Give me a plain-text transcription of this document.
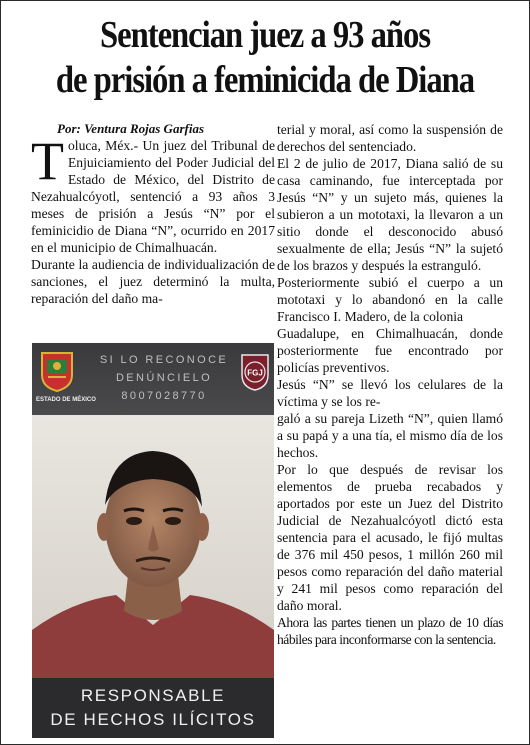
Sentencian juez a 93 años
de prisión a feminicida de Diana
Por: Ventura Rojas Garfias

Toluca, Méx.- Un juez del Tribunal de Enjuiciamiento del Poder Judicial del Estado de México, del Distrito de Nezahualcóyotl, sentenció a 93 años 3 meses de prisión a Jesús “N” por el feminicidio de Diana “N”, ocurrido en 2017 en el municipio de Chimalhuacán.

Durante la audiencia de individualización de sanciones, el juez determinó la multa, reparación del daño ma-

terial y moral, así como la suspensión de derechos del sentenciado.

El 2 de julio de 2017, Diana salió de su casa caminando, fue interceptada por Jesús “N” y un sujeto más, quienes la subieron a un mototaxi, la llevaron a un sitio donde el desconocido abusó sexualmente de ella; Jesús “N” la sujetó de los brazos y después la estranguló.

Posteriormente subió el cuerpo a un mototaxi y lo abandonó en la calle Francisco I. Madero, de la colonia

Guadalupe, en Chimalhuacán, donde posteriormente fue encontrado por policías preventivos.

Jesús “N” se llevó los celulares de la víctima y se los re-

galó a su pareja Lizeth “N”, quien llamó a su papá y a una tía, el mismo día de los hechos.

Por lo que después de revisar los elementos de prueba recabados y aportados por este un Juez del Distrito Judicial de Nezahualcóyotl dictó esta sentencia para el acusado, le fijó multas de 376 mil 450 pesos, 1 millón 260 mil pesos como reparación del daño material y 241 mil pesos como reparación del daño moral.

Ahora las partes tienen un plazo de 10 días hábiles para inconformarse con la sentencia.

ESTADO DE MÉXICO
SI LO RECONOCE
DENÚNCIELO
8007028770
FGJ
RESPONSABLE
DE HECHOS ILÍCITOS
